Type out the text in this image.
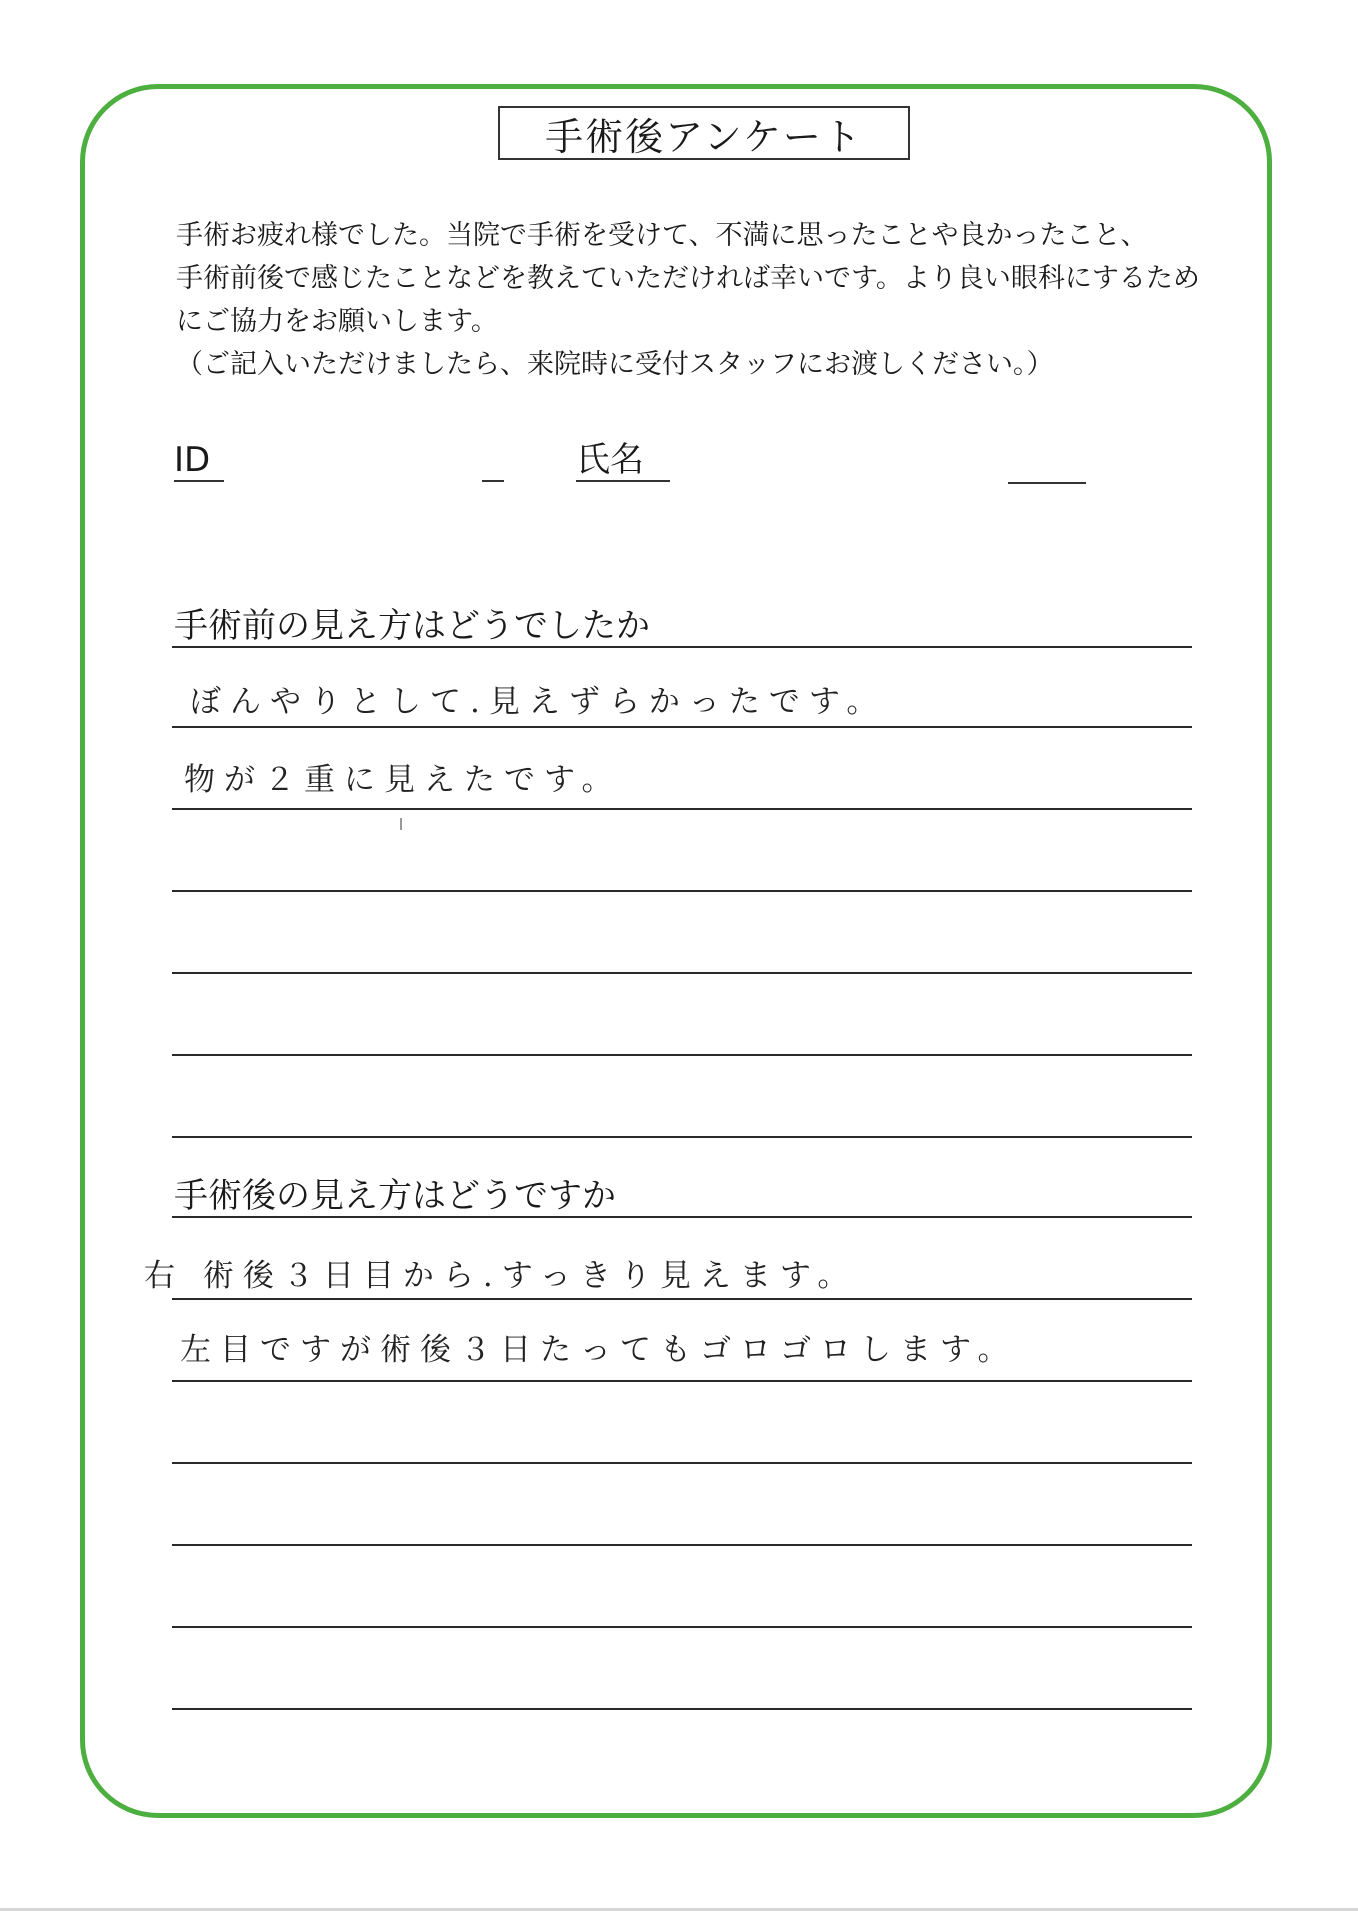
手術後アンケート

手術お疲れ様でした。当院で手術を受けて、不満に思ったことや良かったこと、

手術前後で感じたことなどを教えていただければ幸いです。より良い眼科にするため

にご協力をお願いします。

（ご記入いただけましたら、来院時に受付スタッフにお渡しください。）

ID	氏名
手術前の見え方はどうでしたか
ぼんやりとして.見えずらかったです。
物が２重に見えたです。
手術後の見え方はどうですか
右 術後３日目から.すっきり見えます。
左目ですが術後３日たってもゴロゴロします。
